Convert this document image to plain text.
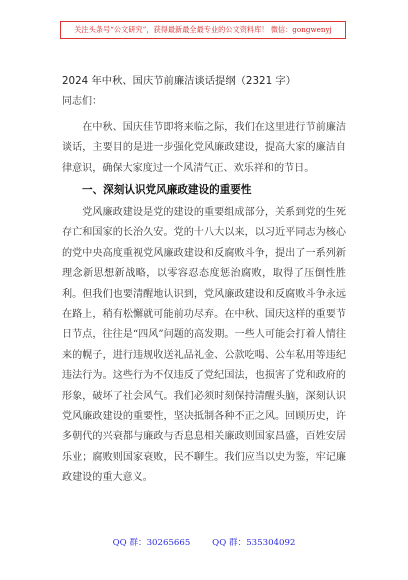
关注头条号“公文研究”，获得最新最全最专业的公文资料库！ 微信：gongwenyj
2024 年中秋、国庆节前廉洁谈话提纲（2321 字）
同志们：

在中秋、国庆佳节即将来临之际，我们在这里进行节前廉洁谈话，主要目的是进一步强化党风廉政建设，提高大家的廉洁自律意识，确保大家度过一个风清气正、欢乐祥和的节日。

一、深刻认识党风廉政建设的重要性

党风廉政建设是党的建设的重要组成部分，关系到党的生死存亡和国家的长治久安。党的十八大以来，以习近平同志为核心的党中央高度重视党风廉政建设和反腐败斗争，提出了一系列新理念新思想新战略，以零容忍态度惩治腐败，取得了压倒性胜利。但我们也要清醒地认识到，党风廉政建设和反腐败斗争永远在路上，稍有松懈就可能前功尽弃。在中秋、国庆这样的重要节日节点，往往是“四风”问题的高发期。一些人可能会打着人情往来的幌子，进行违规收送礼品礼金、公款吃喝、公车私用等违纪违法行为。这些行为不仅违反了党纪国法，也损害了党和政府的形象，破坏了社会风气。我们必须时刻保持清醒头脑，深刻认识党风廉政建设的重要性，坚决抵制各种不正之风。回顾历史，许多朝代的兴衰都与廉政与否息息相关廉政则国家昌盛，百姓安居乐业；腐败则国家衰败，民不聊生。我们应当以史为鉴，牢记廉政建设的重大意义。

QQ 群：30265665        QQ 群：535304092
